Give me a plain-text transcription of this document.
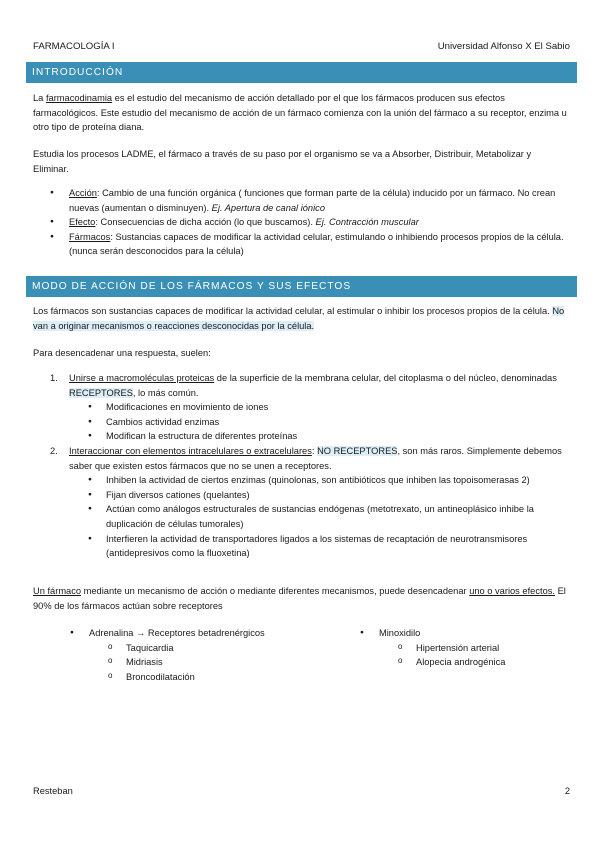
FARMACOLOGÍA I	Universidad Alfonso X El Sabio
INTRODUCCIÓN

La farmacodinamia es el estudio del mecanismo de acción detallado por el que los fármacos producen sus efectos farmacológicos. Este estudio del mecanismo de acción de un fármaco comienza con la unión del fármaco a su receptor, enzima u otro tipo de proteína diana.

Estudia los procesos LADME, el fármaco a través de su paso por el organismo se va a Absorber, Distribuir, Metabolizar y Eliminar.

● Acción: Cambio de una función orgánica ( funciones que forman parte de la célula) inducido por un fármaco. No crean nuevas (aumentan o disminuyen). Ej. Apertura de canal iónico
● Efecto: Consecuencias de dicha acción (lo que buscamos). Ej. Contracción muscular
● Fármacos: Sustancias capaces de modificar la actividad celular, estimulando o inhibiendo procesos propios de la célula. (nunca serán desconocidos para la célula)
MODO DE ACCIÓN DE LOS FÁRMACOS Y SUS EFECTOS

Los fármacos son sustancias capaces de modificar la actividad celular, al estimular o inhibir los procesos propios de la célula. No van a originar mecanismos o reacciones desconocidas por la célula.

Para desencadenar una respuesta, suelen:

1. Unirse a macromoléculas proteicas de la superficie de la membrana celular, del citoplasma o del núcleo, denominadas RECEPTORES, lo más común.
● Modificaciones en movimiento de iones
● Cambios actividad enzimas
● Modifican la estructura de diferentes proteínas
2. Interaccionar con elementos intracelulares o extracelulares: NO RECEPTORES, son más raros. Simplemente debemos saber que existen estos fármacos que no se unen a receptores.
● Inhiben la actividad de ciertos enzimas (quinolonas, son antibióticos que inhiben las topoisomerasas 2)
● Fijan diversos cationes (quelantes)
● Actúan como análogos estructurales de sustancias endógenas (metotrexato, un antineoplásico inhibe la duplicación de células tumorales)
● Interfieren la actividad de transportadores ligados a los sistemas de recaptación de neurotransmisores (antidepresivos como la fluoxetina)

Un fármaco mediante un mecanismo de acción o mediante diferentes mecanismos, puede desencadenar uno o varios efectos. El 90% de los fármacos actúan sobre receptores

● Adrenalina → Receptores betadrenérgicos
o Taquicardia
o Midriasis
o Broncodilatación
● Minoxidilo
o Hipertensión arterial
o Alopecia androgénica
Resteban	2
